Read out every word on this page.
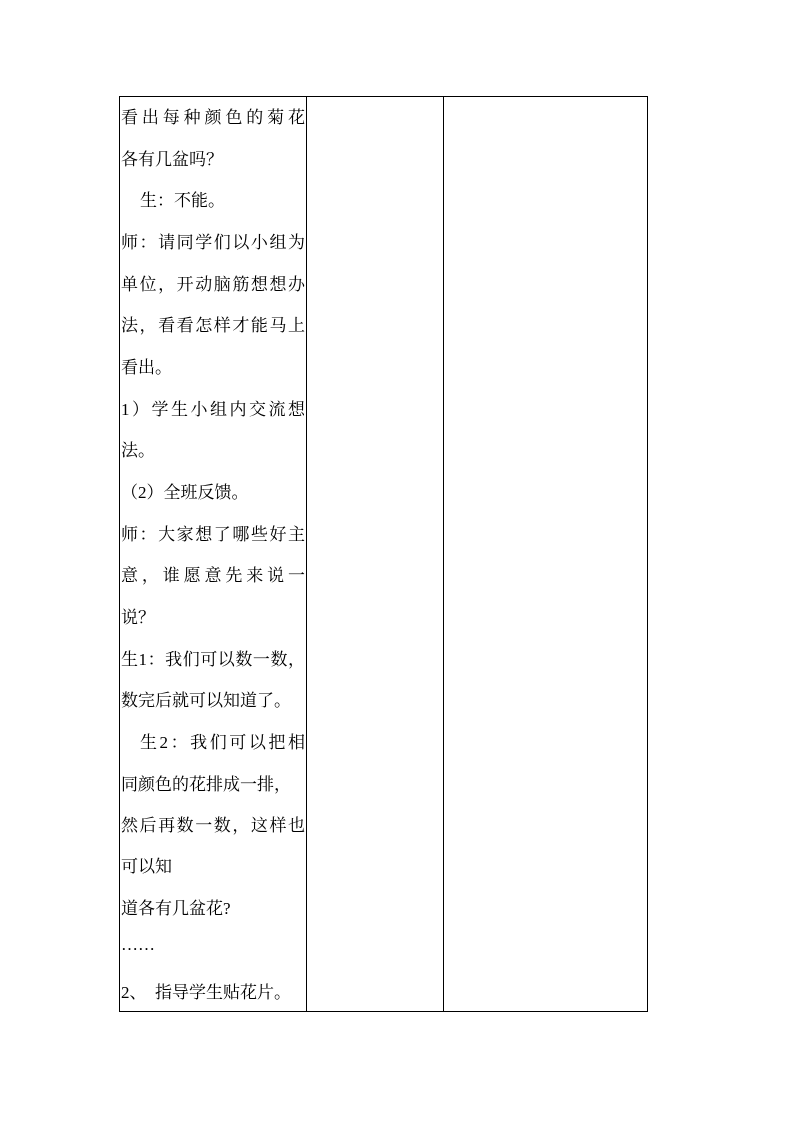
看出每种颜色的菊花
各有几盆吗？
生：不能。
师：请同学们以小组为
单位，开动脑筋想想办
法，看看怎样才能马上
看出。
1）学生小组内交流想
法。
（2）全班反馈。
师：大家想了哪些好主
意，谁愿意先来说一
说？
生1：我们可以数一数，
数完后就可以知道了。
生2：我们可以把相
同颜色的花排成一排，
然后再数一数，这样也
可以知
道各有几盆花?
……
2、　指导学生贴花片。
